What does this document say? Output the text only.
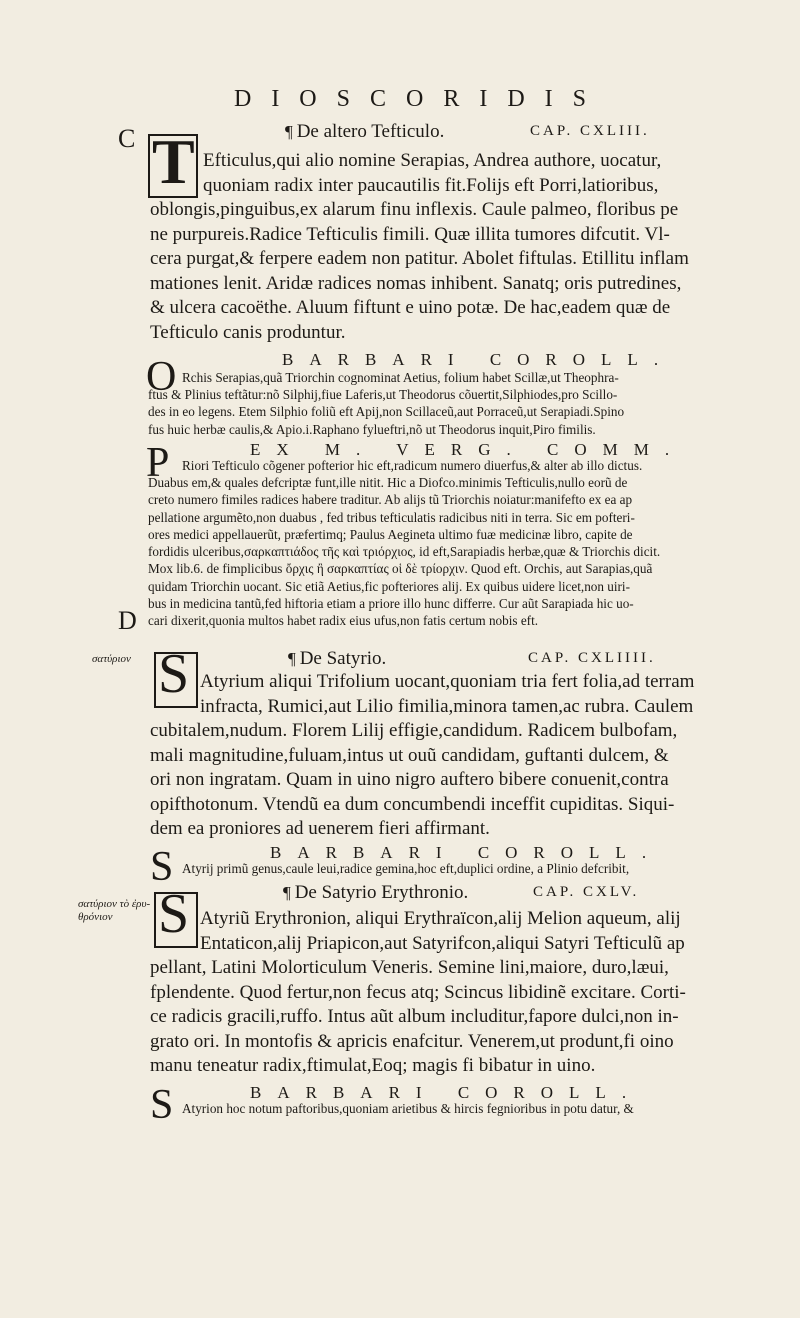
DIOSCORIDIS
C
D
σατύριον
σατύριον τὸ ἐρυ-θρόνιον
¶ De altero Tefticulo.	CAP. CXLIII.
T Efticulus,qui alio nomine Serapias, Andrea authore, uocatur,
quoniam radix inter paucautilis fit.Folijs eft Porri,latioribus,
oblongis,pinguibus,ex alarum finu inflexis. Caule palmeo, floribus pe
ne purpureis.Radice Tefticulis fimili. Quæ illita tumores difcutit. Vl-
cera purgat,& ferpere eadem non patitur. Abolet fiftulas. Etillitu inflam
mationes lenit. Aridæ radices nomas inhibent. Sanatq; oris putredines,
& ulcera cacoëthe. Aluum fiftunt e uino potæ. De hac,eadem quæ de
Tefticulo canis produntur.
BARBARI COROLL.
O Rchis Serapias,quã Triorchin cognominat Aetius, folium habet Scillæ,ut Theophra-
ftus & Plinius teftãtur:nõ Silphij,fiue Laferis,ut Theodorus cõuertit,Silphiodes,pro Scillo-
des in eo legens. Etem Silphio foliũ eft Apij,non Scillaceũ,aut Porraceũ,ut Serapiadi.Spino
fus huic herbæ caulis,& Apio.i.Raphano fylueftri,nõ ut Theodorus inquit,Piro fimilis.
EX M. VERG. COMM.
P Riori Tefticulo cõgener pofterior hic eft,radicum numero diuerfus,& alter ab illo dictus.
Duabus em,& quales defcriptæ funt,ille nitit. Hic a Diofco.minimis Tefticulis,nullo eorũ de
creto numero fimiles radices habere traditur. Ab alijs tũ Triorchis noiatur:manifefto ex ea ap
pellatione argumẽto,non duabus , fed tribus tefticulatis radicibus niti in terra. Sic em pofteri-
ores medici appellauerũt, præfertimq; Paulus Aegineta ultimo fuæ medicinæ libro, capite de
fordidis ulceribus,σαρκαπτιάδος τῆς καὶ τριόρχιος, id eft,Sarapiadis herbæ,quæ & Triorchis dicit.
Mox lib.6. de fimplicibus ὄρχις ἢ σαρκαπτίας οἱ δὲ τρίορχιν. Quod eft. Orchis, aut Sarapias,quã
quidam Triorchin uocant. Sic etiã Aetius,fic pofteriores alij. Ex quibus uidere licet,non uiri-
bus in medicina tantũ,fed hiftoria etiam a priore illo hunc differre. Cur aũt Sarapiada hic uo-
cari dixerit,quonia multos habet radix eius ufus,non fatis certum nobis eft.
¶ De Satyrio.	CAP. CXLIIII.
S Atyrium aliqui Trifolium uocant,quoniam tria fert folia,ad terram
infracta, Rumici,aut Lilio fimilia,minora tamen,ac rubra. Caulem
cubitalem,nudum. Florem Lilij effigie,candidum. Radicem bulbofam,
mali magnitudine,fuluam,intus ut ouũ candidam, guftanti dulcem, &
ori non ingratam. Quam in uino nigro auftero bibere conuenit,contra
opifthotonum. Vtendũ ea dum concumbendi inceffit cupiditas. Siqui-
dem ea proniores ad uenerem fieri affirmant.
BARBARI COROLL.
S Atyrij primũ genus,caule leui,radice gemina,hoc eft,duplici ordine, a Plinio defcribit,
¶ De Satyrio Erythronio.	CAP. CXLV.
S Atyriũ Erythronion, aliqui Erythraïcon,alij Melion aqueum, alij
Entaticon,alij Priapicon,aut Satyrifcon,aliqui Satyri Tefticulũ ap
pellant, Latini Molorticulum Veneris. Semine lini,maiore, duro,læui,
fplendente. Quod fertur,non fecus atq; Scincus libidinẽ excitare. Corti-
ce radicis gracili,ruffo. Intus aũt album includitur,fapore dulci,non in-
grato ori. In montofis & apricis enafcitur. Venerem,ut produnt,fi oino
manu teneatur radix,ftimulat,Eoq; magis fi bibatur in uino.
BARBARI COROLL.
S Atyrion hoc notum paftoribus,quoniam arietibus & hircis fegnioribus in potu datur, &
